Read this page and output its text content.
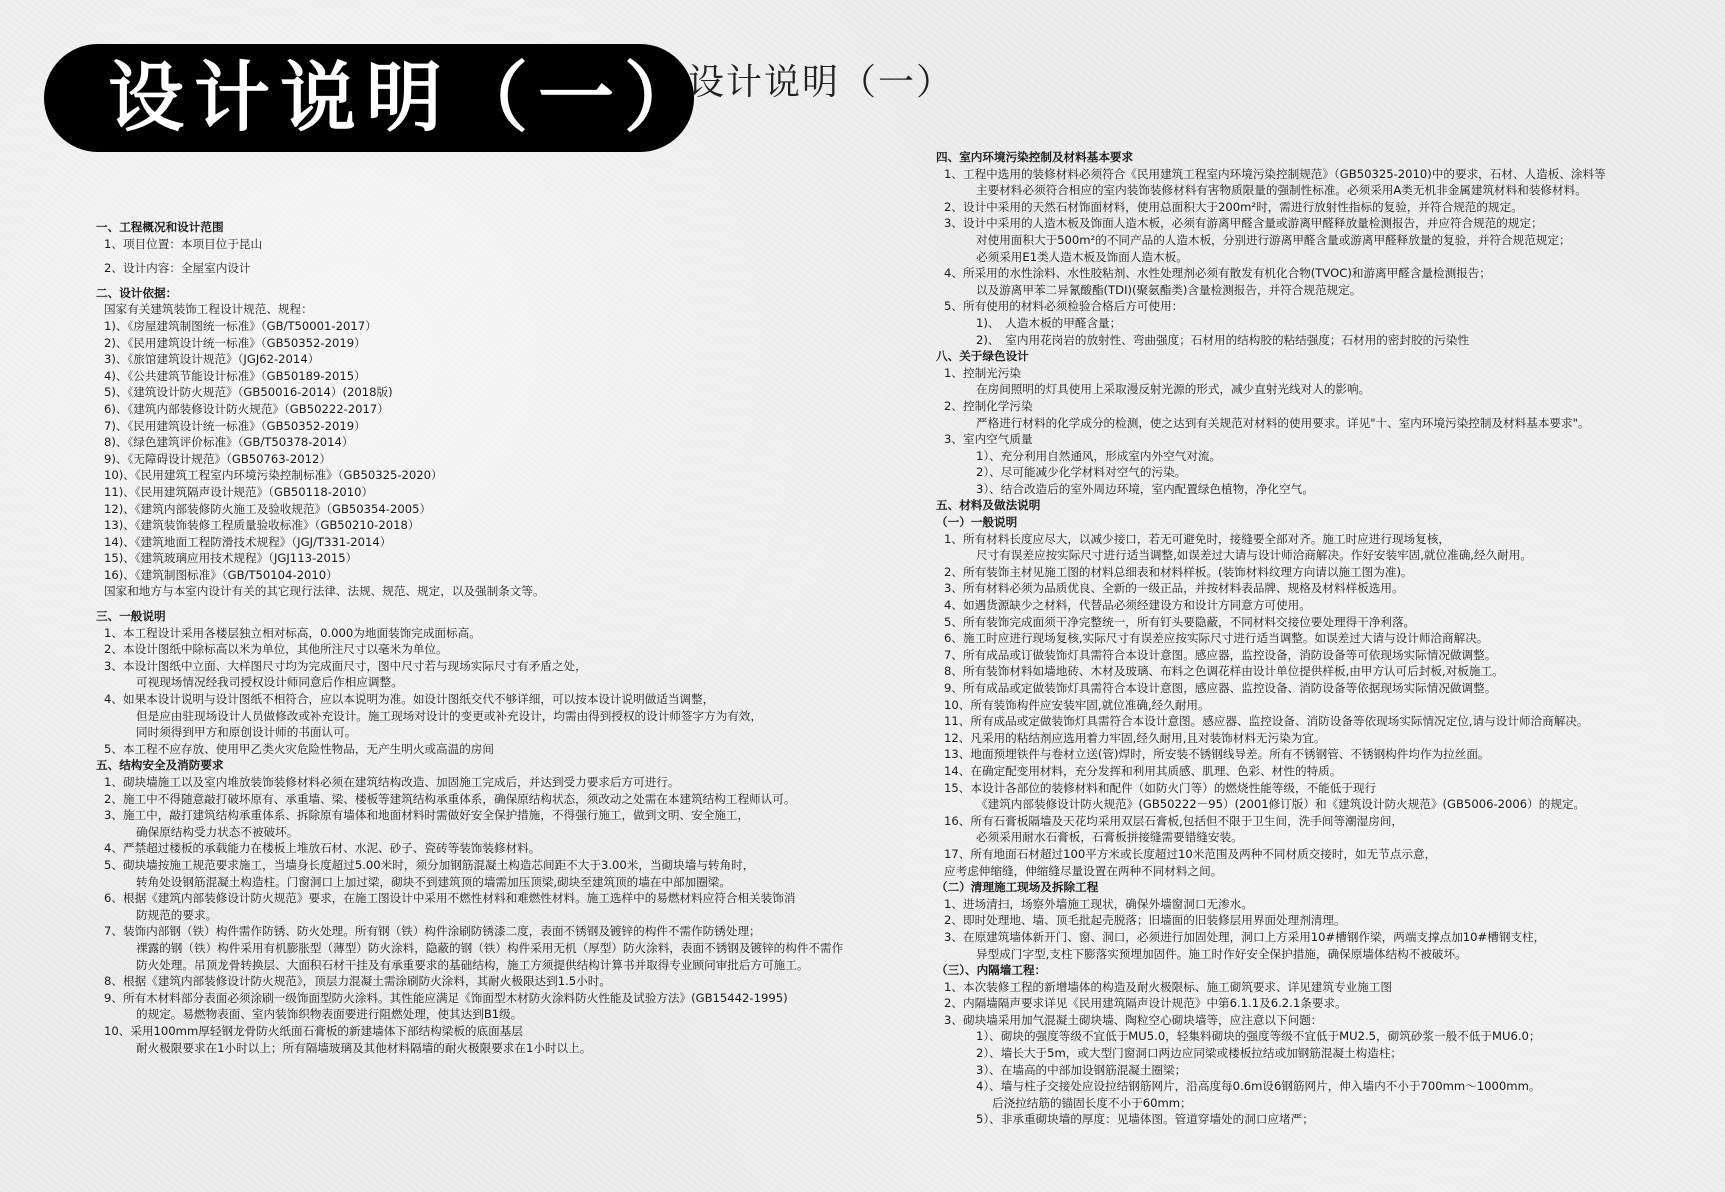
设计说明（一）
设计说明（一）
一、工程概况和设计范围
1、项目位置：本项目位于昆山
2、设计内容：全屋室内设计
二、设计依据：
国家有关建筑装饰工程设计规范、规程：
1)、《房屋建筑制图统一标准》（GB/T50001-2017）
2)、《民用建筑设计统一标准》（GB50352-2019）
3)、《旅馆建筑设计规范》（JGJ62-2014）
4)、《公共建筑节能设计标准》（GB50189-2015）
5)、《建筑设计防火规范》（GB50016-2014）(2018版)
6)、《建筑内部装修设计防火规范》（GB50222-2017）
7)、《民用建筑设计统一标准》（GB50352-2019）
8)、《绿色建筑评价标准》（GB/T50378-2014）
9)、《无障碍设计规范》（GB50763-2012）
10)、《民用建筑工程室内环境污染控制标准》（GB50325-2020）
11)、《民用建筑隔声设计规范》（GB50118-2010）
12)、《建筑内部装修防火施工及验收规范》（GB50354-2005）
13)、《建筑装饰装修工程质量验收标准》（GB50210-2018）
14)、《建筑地面工程防滑技术规程》（JGJ/T331-2014）
15)、《建筑玻璃应用技术规程》（JGJ113-2015）
16)、《建筑制图标准》（GB/T50104-2010）
国家和地方与本室内设计有关的其它现行法律、法规、规范、规定，以及强制条文等。
三、一般说明
1、本工程设计采用各楼层独立相对标高，0.000为地面装饰完成面标高。
2、本设计图纸中除标高以米为单位，其他所注尺寸以毫米为单位。
3、本设计图纸中立面、大样图尺寸均为完成面尺寸，图中尺寸若与现场实际尺寸有矛盾之处，
可视现场情况经我司授权设计师同意后作相应调整。
4、如果本设计说明与设计图纸不相符合，应以本说明为准。如设计图纸交代不够详细，可以按本设计说明做适当调整，
但是应由驻现场设计人员做修改或补充设计。施工现场对设计的变更或补充设计，均需由得到授权的设计师签字方为有效，
同时须得到甲方和原创设计师的书面认可。
5、本工程不应存放、使用甲乙类火灾危险性物品，无产生明火或高温的房间
五、结构安全及消防要求
1、砌块墙施工以及室内堆放装饰装修材料必须在建筑结构改造、加固施工完成后，并达到受力要求后方可进行。
2、施工中不得随意敲打破坏原有、承重墙、梁、楼板等建筑结构承重体系，确保原结构状态，须改动之处需在本建筑结构工程师认可。
3、施工中，敲打建筑结构承重体系、拆除原有墙体和地面材料时需做好安全保护措施，不得强行施工，做到文明、安全施工，
确保原结构受力状态不被破坏。
4、严禁超过楼板的承载能力在楼板上堆放石材、水泥、砂子、瓷砖等装饰装修材料。
5、砌块墙按施工规范要求施工，当墙身长度超过5.00米时，须分加钢筋混凝土构造芯间距不大于3.00米，当砌块墙与转角时，
转角处设钢筋混凝土构造柱。门窗洞口上加过梁，砌块不到建筑顶的墙需加压顶梁,砌块至建筑顶的墙在中部加圈梁。
6、根据《建筑内部装修设计防火规范》要求，在施工图设计中采用不燃性材料和难燃性材料。施工选样中的易燃材料应符合相关装饰消
防规范的要求。
7、装饰内部钢（铁）构件需作防锈、防火处理。所有钢（铁）构件涂刷防锈漆二度，表面不锈钢及镀锌的构件不需作防锈处理；
裸露的钢（铁）构件采用有机膨胀型（薄型）防火涂料，隐蔽的钢（铁）构件采用无机（厚型）防火涂料，表面不锈钢及镀锌的构件不需作
防火处理。吊顶龙骨转换层、大面积石材干挂及有承重要求的基础结构，施工方须提供结构计算书并取得专业顾问审批后方可施工。
8、根据《建筑内部装修设计防火规范》，顶层力混凝土需涂刷防火涂料，其耐火极限达到1.5小时。
9、所有木材料部分表面必须涂刷一级饰面型防火涂料。其性能应满足《饰面型木材防火涂料防火性能及试验方法》(GB15442-1995)
的规定。易燃物表面、室内装饰织物表面要进行阻燃处理，使其达到B1级。
10、采用100mm厚轻钢龙骨防火纸面石膏板的新建墙体下部结构梁板的底面基层
耐火极限要求在1小时以上；所有隔墙玻璃及其他材料隔墙的耐火极限要求在1小时以上。
四、室内环境污染控制及材料基本要求
1、工程中选用的装修材料必须符合《民用建筑工程室内环境污染控制规范》（GB50325-2010)中的要求，石材、人造板、涂料等
主要材料必须符合相应的室内装饰装修材料有害物质限量的强制性标准。必须采用A类无机非金属建筑材料和装修材料。
2、设计中采用的天然石材饰面材料，使用总面积大于200m²时，需进行放射性指标的复验，并符合规范的规定。
3、设计中采用的人造木板及饰面人造木板，必须有游离甲醛含量或游离甲醛释放量检测报告，并应符合规范的规定；
对使用面积大于500m²的不同产品的人造木板，分别进行游离甲醛含量或游离甲醛释放量的复验，并符合规范规定；
必须采用E1类人造木板及饰面人造木板。
4、所采用的水性涂料、水性胶粘剂、水性处理剂必须有散发有机化合物(TVOC)和游离甲醛含量检测报告；
以及游离甲苯二异氰酸酯(TDI)(聚氨酯类)含量检测报告，并符合规范规定。
5、所有使用的材料必须检验合格后方可使用：
1)、　人造木板的甲醛含量；
2)、　室内用花岗岩的放射性、弯曲强度；石材用的结构胶的粘结强度；石材用的密封胶的污染性
八、关于绿色设计
1、控制光污染
在房间照明的灯具使用上采取漫反射光源的形式，减少直射光线对人的影响。
2、控制化学污染
严格进行材料的化学成分的检测，使之达到有关规范对材料的使用要求。详见"十、室内环境污染控制及材料基本要求"。
3、室内空气质量
1）、充分利用自然通风，形成室内外空气对流。
2）、尽可能减少化学材料对空气的污染。
3）、结合改造后的室外周边环境，室内配置绿色植物，净化空气。
五、材料及做法说明
（一）一般说明
1、所有材料长度应尽大，以减少接口，若无可避免时，接缝要全部对齐。施工时应进行现场复核，
尺寸有误差应按实际尺寸进行适当调整,如误差过大请与设计师洽商解决。作好安装牢固,就位准确,经久耐用。
2、所有装饰主材见施工图的材料总细表和材料样板。(装饰材料纹理方向请以施工图为准)。
3、所有材料必须为品质优良、全新的一级正品，并按材料表品牌、规格及材料样板选用。
4、如遇货源缺少之材料，代替品必须经建设方和设计方同意方可使用。
5、所有装饰完成面须干净完整统一，所有钉头要隐蔽，不同材料交接位要处理得干净利落。
6、施工时应进行现场复核,实际尺寸有误差应按实际尺寸进行适当调整。如误差过大请与设计师洽商解决。
7、所有成品或订做装饰灯具需符合本设计意图。感应器，监控设备，消防设备等可依现场实际情况做调整。
8、所有装饰材料如墙地砖、木材及玻璃、布料之色调花样由设计单位提供样板,由甲方认可后封板,对板施工。
9、所有成品或定做装饰灯具需符合本设计意图，感应器、监控设备、消防设备等依据现场实际情况做调整。
10、所有装饰构件应安装牢固,就位准确,经久耐用。
11、所有成品或定做装饰灯具需符合本设计意图。感应器、监控设备、消防设备等依现场实际情况定位,请与设计师洽商解决。
12、凡采用的粘结剂应选用着力牢固,经久耐用,且对装饰材料无污染为宜。
13、地面预埋铁件与卷材立送(管)焊时，所安装不锈钢线导差。所有不锈钢管、不锈钢构件均作为拉丝面。
14、在确定配变用材料，充分发挥和利用其质感、肌理、色彩、材性的特质。
15、本设计各部位的装修材料和配件（如防火门等）的燃烧性能等级，不能低于现行
《建筑内部装修设计防火规范》(GB50222－95）(2001修订版）和《建筑设计防火规范》(GB5006-2006）的规定。
16、所有石膏板隔墙及天花均采用双层石膏板,包括但不限于卫生间，洗手间等潮湿房间，
必须采用耐水石膏板，石膏板拼接缝需要错缝安装。
17、所有地面石材超过100平方米或长度超过10米范围及两种不同材质交接时，如无节点示意，
应考虑伸缩缝，伸缩缝尽量设置在两种不同材料之间。
（二）清理施工现场及拆除工程
1、进场清扫，场察外墙施工现状，确保外墙窗洞口无渗水。
2、即时处理地、墙、顶毛批起壳脱落；旧墙面的旧装修层用界面处理剂清理。
3、在原建筑墙体新开门、窗、洞口，必须进行加固处理，洞口上方采用10#槽钢作梁，两端支撑点加10#槽钢支柱，
异型成门字型,支柱下膨落实预埋加固件。施工时作好安全保护措施，确保原墙体结构不被破坏。
（三）、内隔墙工程：
1、本次装修工程的新增墙体的构造及耐火极限标、施工砌筑要求、详见建筑专业施工图
2、内隔墙隔声要求详见《民用建筑隔声设计规范》中第6.1.1及6.2.1条要求。
3、砌块墙采用加气混凝土砌块墙、陶粒空心砌块墙等，应注意以下问题：
1）、砌块的强度等级不宜低于MU5.0，轻集料砌块的强度等级不宜低于MU2.5，砌筑砂浆一般不低于MU6.0；
2）、墙长大于5m，或大型门窗洞口两边应同梁或楼板拉结或加钢筋混凝土构造柱；
3）、在墙高的中部加设钢筋混凝土圈梁；
4）、墙与柱子交接处应设拉结钢筋网片，沿高度每0.6m设6钢筋网片，伸入墙内不小于700mm～1000mm。
后浇拉结筋的锚固长度不小于60mm；
5）、非承重砌块墙的厚度：见墙体图。管道穿墙处的洞口应堵严；
